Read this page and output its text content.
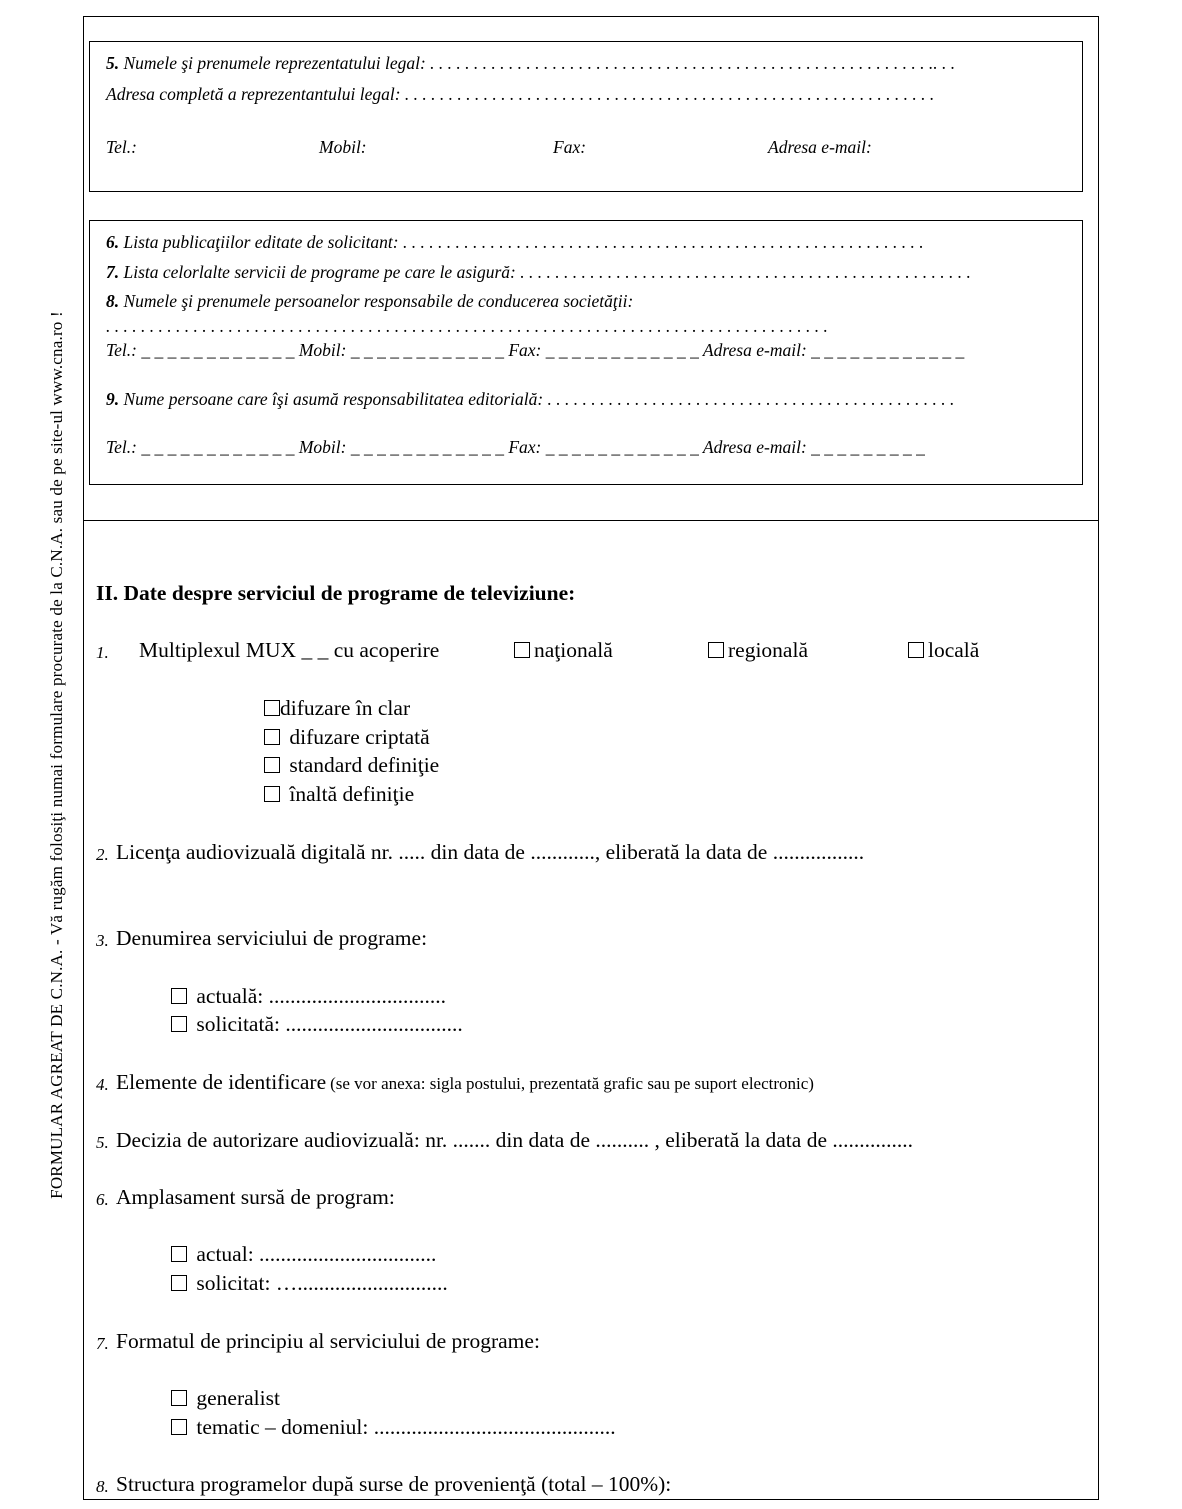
FORMULAR AGREAT DE C.N.A. - Vă rugăm folosiţi numai formulare procurate de la C.N.A. sau de pe site-ul www.cna.ro !
5. Numele şi prenumele reprezentatului legal: . . . . . . . . . . . . . . . . . . . . . . . . . . . . . . . . . . . . . . . . . . . . . . . . . . . . . . . . . .. . .
Adresa completă a reprezentantului legal: . . . . . . . . . . . . . . . . . . . . . . . . . . . . . . . . . . . . . . . . . . . . . . . . . . . . . . . . . . . . .
Tel.:	Mobil:	Fax:	Adresa e-mail:
6. Lista publicaţiilor editate de solicitant: . . . . . . . . . . . . . . . . . . . . . . . . . . . . . . . . . . . . . . . . . . . . . . . . . . . . . . . . . . . .
7. Lista celorlalte servicii de programe pe care le asigură: . . . . . . . . . . . . . . . . . . . . . . . . . . . . . . . . . . . . . . . . . . . . . . . . . . . .
8. Numele şi prenumele persoanelor responsabile de conducerea societăţii:
. . . . . . . . . . . . . . . . . . . . . . . . . . . . . . . . . . . . . . . . . . . . . . . . . . . . . . . . . . . . . . . . . . . . . . . . . . . . . . . . . . .
Tel.: _ _ _ _ _ _ _ _ _ _ _ _ Mobil: _ _ _ _ _ _ _ _ _ _ _ _ Fax: _ _ _ _ _ _ _ _ _ _ _ _ Adresa e-mail: _ _ _ _ _ _ _ _ _ _ _ _
9. Nume persoane care îşi asumă responsabilitatea editorială: . . . . . . . . . . . . . . . . . . . . . . . . . . . . . . . . . . . . . . . . . . . . . . .
Tel.: _ _ _ _ _ _ _ _ _ _ _ _ Mobil: _ _ _ _ _ _ _ _ _ _ _ _ Fax: _ _ _ _ _ _ _ _ _ _ _ _ Adresa e-mail: _ _ _ _ _ _ _ _ _
II. Date despre serviciul de programe de televiziune:
1. Multiplexul MUX _ _ cu acoperire	naţională	regională	locală
difuzare în clar
difuzare criptată
standard definiţie
înaltă definiţie
2. Licenţa audiovizuală digitală nr. ..... din data de ............, eliberată la data de .................
3. Denumirea serviciului de programe:
actuală: .................................
solicitată: .................................
4. Elemente de identificare (se vor anexa: sigla postului, prezentată grafic sau pe suport electronic)
5. Decizia de autorizare audiovizuală: nr. ....... din data de .......... , eliberată la data de ...............
6. Amplasament sursă de program:
actual: .................................
solicitat: …............................
7. Formatul de principiu al serviciului de programe:
generalist
tematic – domeniul: .............................................
8. Structura programelor după surse de provenienţă (total – 100%):
